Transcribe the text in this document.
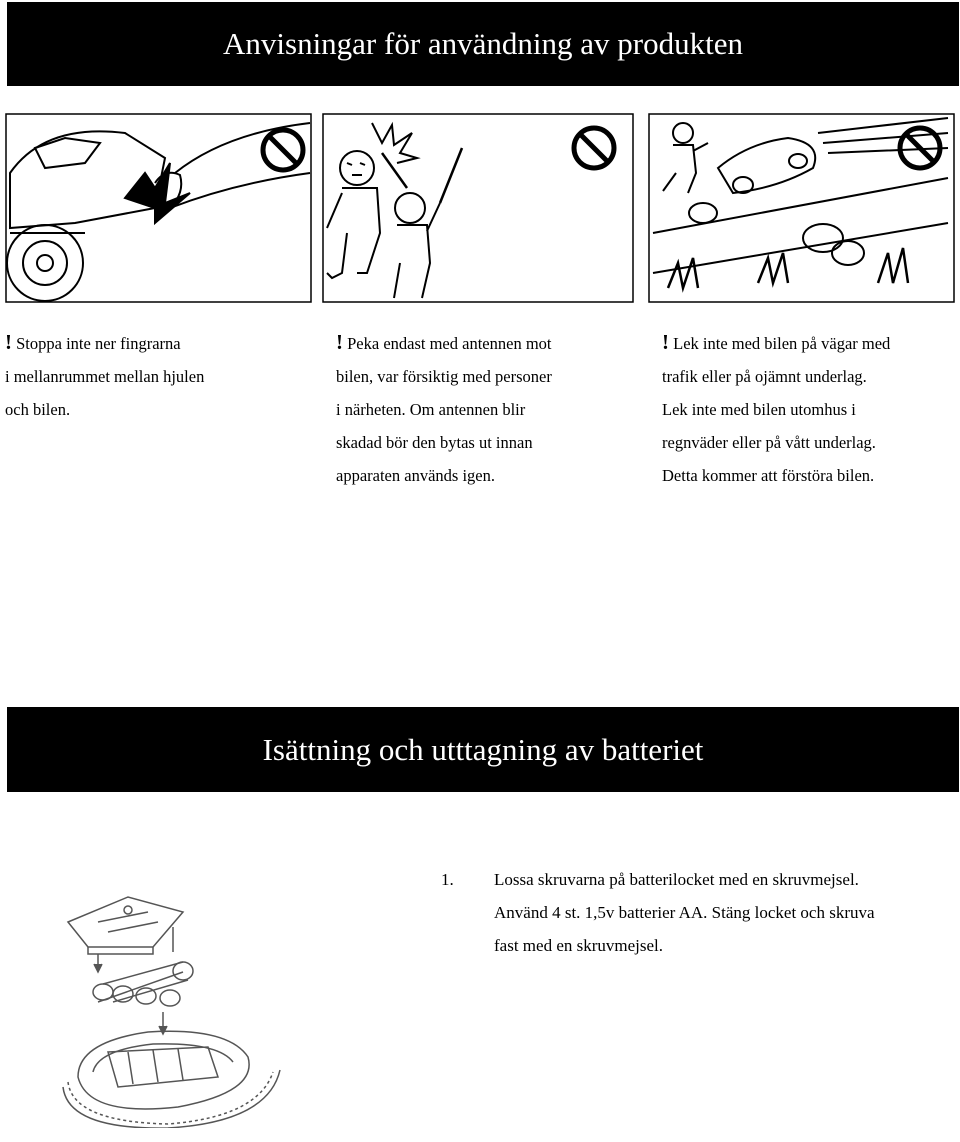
Anvisningar för användning av produkten

! Stoppa inte ner fingrarna

i mellanrummet mellan hjulen

och bilen.

! Peka endast med antennen mot

bilen, var försiktig med personer

i närheten. Om antennen blir

skadad bör den bytas ut innan

apparaten används igen.

! Lek inte med bilen på vägar med

trafik eller på ojämnt underlag.

Lek inte med bilen utomhus i

regnväder eller på vått underlag.

Detta kommer att förstöra bilen.

Isättning och utttagning av batteriet
1. Lossa skruvarna på batterilocket med en skruvmejsel.

Använd 4 st. 1,5v batterier AA. Stäng locket och skruva

fast med en skruvmejsel.
